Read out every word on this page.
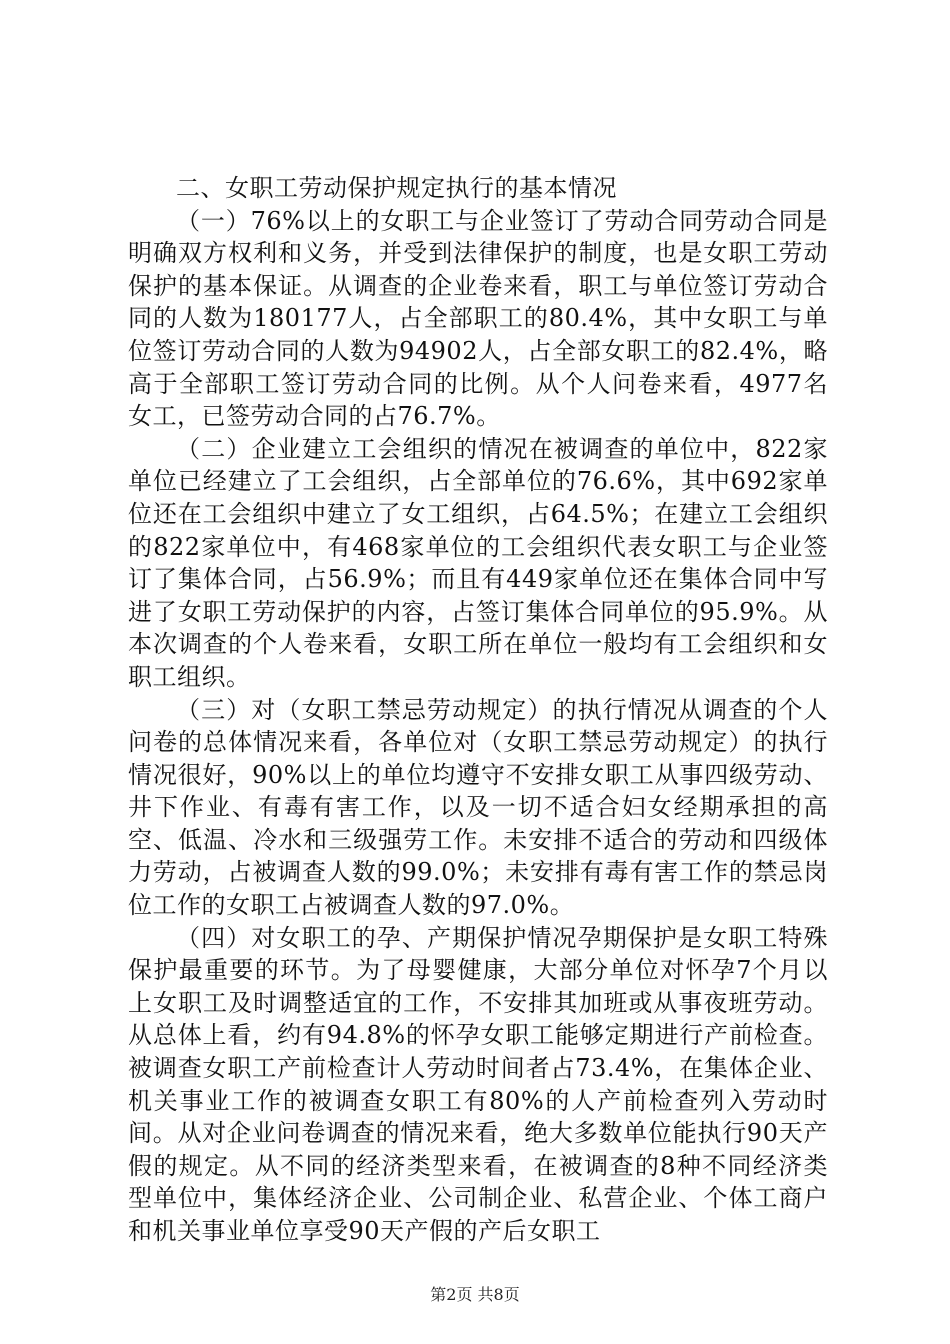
二、女职工劳动保护规定执行的基本情况

（一）76%以上的女职工与企业签订了劳动合同劳动合同是明确双方权利和义务，并受到法律保护的制度，也是女职工劳动保护的基本保证。从调查的企业卷来看，职工与单位签订劳动合同的人数为180177人，占全部职工的80.4%，其中女职工与单位签订劳动合同的人数为94902人，占全部女职工的82.4%，略高于全部职工签订劳动合同的比例。从个人问卷来看，4977名女工，已签劳动合同的占76.7%。

（二）企业建立工会组织的情况在被调查的单位中，822家单位已经建立了工会组织，占全部单位的76.6%，其中692家单位还在工会组织中建立了女工组织，占64.5%；在建立工会组织的822家单位中，有468家单位的工会组织代表女职工与企业签订了集体合同，占56.9%；而且有449家单位还在集体合同中写进了女职工劳动保护的内容，占签订集体合同单位的95.9%。从本次调查的个人卷来看，女职工所在单位一般均有工会组织和女职工组织。

（三）对（女职工禁忌劳动规定）的执行情况从调查的个人问卷的总体情况来看，各单位对（女职工禁忌劳动规定）的执行情况很好，90%以上的单位均遵守不安排女职工从事四级劳动、井下作业、有毒有害工作，以及一切不适合妇女经期承担的高空、低温、冷水和三级强劳工作。未安排不适合的劳动和四级体力劳动，占被调查人数的99.0%；未安排有毒有害工作的禁忌岗位工作的女职工占被调查人数的97.0%。

（四）对女职工的孕、产期保护情况孕期保护是女职工特殊保护最重要的环节。为了母婴健康，大部分单位对怀孕7个月以上女职工及时调整适宜的工作，不安排其加班或从事夜班劳动。从总体上看，约有94.8%的怀孕女职工能够定期进行产前检查。被调查女职工产前检查计人劳动时间者占73.4%，在集体企业、机关事业工作的被调查女职工有80%的人产前检查列入劳动时间。从对企业问卷调查的情况来看，绝大多数单位能执行90天产假的规定。从不同的经济类型来看，在被调查的8种不同经济类型单位中，集体经济企业、公司制企业、私营企业、个体工商户和机关事业单位享受90天产假的产后女职工

第2页 共8页
